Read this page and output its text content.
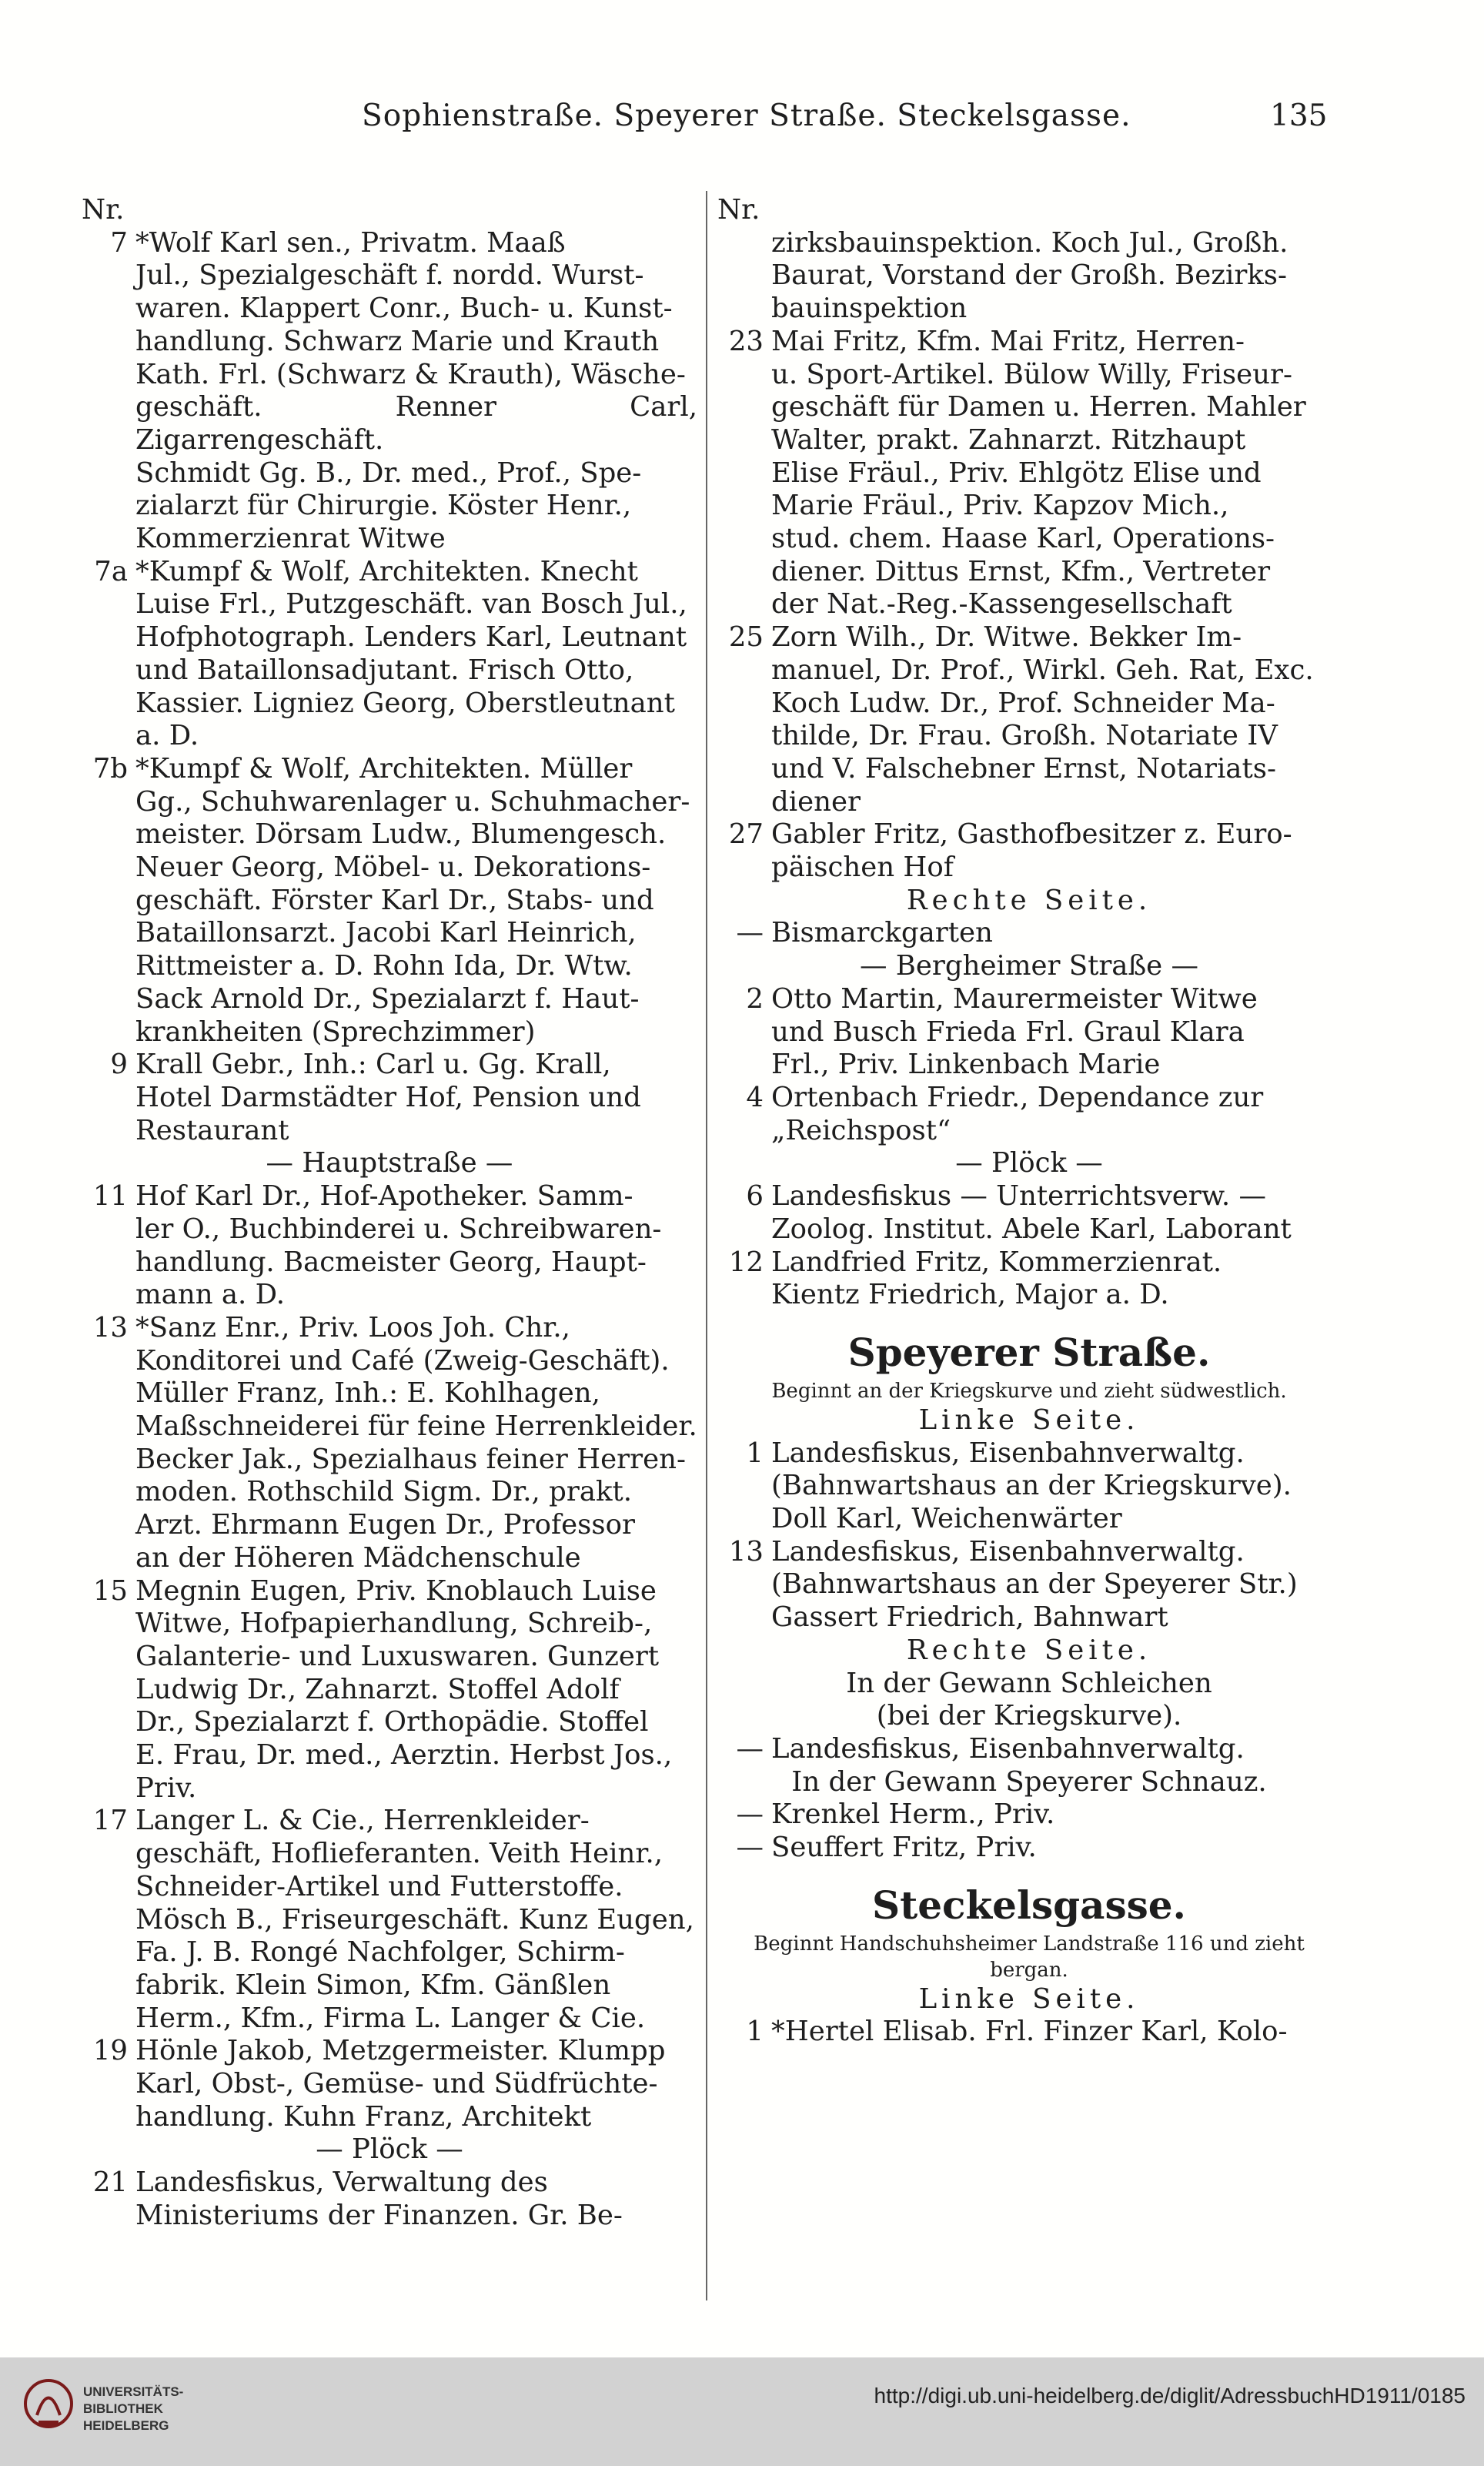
Sophienstraße. Speyerer Straße. Steckelsgasse.	135
Nr.
7 *Wolf Karl sen., Privatm. Maaß

Jul., Spezialgeschäft f. nordd. Wurst-

waren. Klappert Conr., Buch- u. Kunst-

handlung. Schwarz Marie und Krauth

Kath. Frl. (Schwarz & Krauth), Wäsche-

geschäft. Renner Carl, Zigarrengeschäft.

Schmidt Gg. B., Dr. med., Prof., Spe-

zialarzt für Chirurgie. Köster Henr.,

Kommerzienrat Witwe

7a *Kumpf & Wolf, Architekten. Knecht

Luise Frl., Putzgeschäft. van Bosch Jul.,

Hofphotograph. Lenders Karl, Leutnant

und Bataillonsadjutant. Frisch Otto,

Kassier. Ligniez Georg, Oberstleutnant

a. D.

7b *Kumpf & Wolf, Architekten. Müller

Gg., Schuhwarenlager u. Schuhmacher-

meister. Dörsam Ludw., Blumengesch.

Neuer Georg, Möbel- u. Dekorations-

geschäft. Förster Karl Dr., Stabs- und

Bataillonsarzt. Jacobi Karl Heinrich,

Rittmeister a. D. Rohn Ida, Dr. Wtw.

Sack Arnold Dr., Spezialarzt f. Haut-

krankheiten (Sprechzimmer)

9 Krall Gebr., Inh.: Carl u. Gg. Krall,

Hotel Darmstädter Hof, Pension und

Restaurant

— Hauptstraße —
11 Hof Karl Dr., Hof-Apotheker. Samm-

ler O., Buchbinderei u. Schreibwaren-

handlung. Bacmeister Georg, Haupt-

mann a. D.

13 *Sanz Enr., Priv. Loos Joh. Chr.,

Konditorei und Café (Zweig-Geschäft).

Müller Franz, Inh.: E. Kohlhagen,

Maßschneiderei für feine Herrenkleider.

Becker Jak., Spezialhaus feiner Herren-

moden. Rothschild Sigm. Dr., prakt.

Arzt. Ehrmann Eugen Dr., Professor

an der Höheren Mädchenschule

15 Megnin Eugen, Priv. Knoblauch Luise

Witwe, Hofpapierhandlung, Schreib-,

Galanterie- und Luxuswaren. Gunzert

Ludwig Dr., Zahnarzt. Stoffel Adolf

Dr., Spezialarzt f. Orthopädie. Stoffel

E. Frau, Dr. med., Aerztin. Herbst Jos.,

Priv.

17 Langer L. & Cie., Herrenkleider-

geschäft, Hoflieferanten. Veith Heinr.,

Schneider-Artikel und Futterstoffe.

Mösch B., Friseurgeschäft. Kunz Eugen,

Fa. J. B. Rongé Nachfolger, Schirm-

fabrik. Klein Simon, Kfm. Gänßlen

Herm., Kfm., Firma L. Langer & Cie.

19 Hönle Jakob, Metzgermeister. Klumpp

Karl, Obst-, Gemüse- und Südfrüchte-

handlung. Kuhn Franz, Architekt

— Plöck —
21 Landesfiskus, Verwaltung des

Ministeriums der Finanzen. Gr. Be-

Nr.

zirksbauinspektion. Koch Jul., Großh.

Baurat, Vorstand der Großh. Bezirks-

bauinspektion

23 Mai Fritz, Kfm. Mai Fritz, Herren-

u. Sport-Artikel. Bülow Willy, Friseur-

geschäft für Damen u. Herren. Mahler

Walter, prakt. Zahnarzt. Ritzhaupt

Elise Fräul., Priv. Ehlgötz Elise und

Marie Fräul., Priv. Kapzov Mich.,

stud. chem. Haase Karl, Operations-

diener. Dittus Ernst, Kfm., Vertreter

der Nat.-Reg.-Kassengesellschaft

25 Zorn Wilh., Dr. Witwe. Bekker Im-

manuel, Dr. Prof., Wirkl. Geh. Rat, Exc.

Koch Ludw. Dr., Prof. Schneider Ma-

thilde, Dr. Frau. Großh. Notariate IV

und V. Falschebner Ernst, Notariats-

diener

27 Gabler Fritz, Gasthofbesitzer z. Euro-

päischen Hof

Rechte Seite.
— Bismarckgarten

— Bergheimer Straße —
2 Otto Martin, Maurermeister Witwe

und Busch Frieda Frl. Graul Klara

Frl., Priv. Linkenbach Marie

4 Ortenbach Friedr., Dependance zur

„Reichspost“

— Plöck —
6 Landesfiskus — Unterrichtsverw. —

Zoolog. Institut. Abele Karl, Laborant

12 Landfried Fritz, Kommerzienrat.

Kientz Friedrich, Major a. D.

Speyerer Straße.
Beginnt an der Kriegskurve und zieht südwestlich.
Linke Seite.
1 Landesfiskus, Eisenbahnverwaltg.

(Bahnwartshaus an der Kriegskurve).

Doll Karl, Weichenwärter

13 Landesfiskus, Eisenbahnverwaltg.

(Bahnwartshaus an der Speyerer Str.)

Gassert Friedrich, Bahnwart

Rechte Seite.
In der Gewann Schleichen
(bei der Kriegskurve).
— Landesfiskus, Eisenbahnverwaltg.

In der Gewann Speyerer Schnauz.
— Krenkel Herm., Priv.

— Seuffert Fritz, Priv.

Steckelsgasse.
Beginnt Handschuhsheimer Landstraße 116 und zieht bergan.
Linke Seite.
1 *Hertel Elisab. Frl. Finzer Karl, Kolo-

UNIVERSITÄTS-
BIBLIOTHEK
HEIDELBERG
http://digi.ub.uni-heidelberg.de/diglit/AdressbuchHD1911/0185
